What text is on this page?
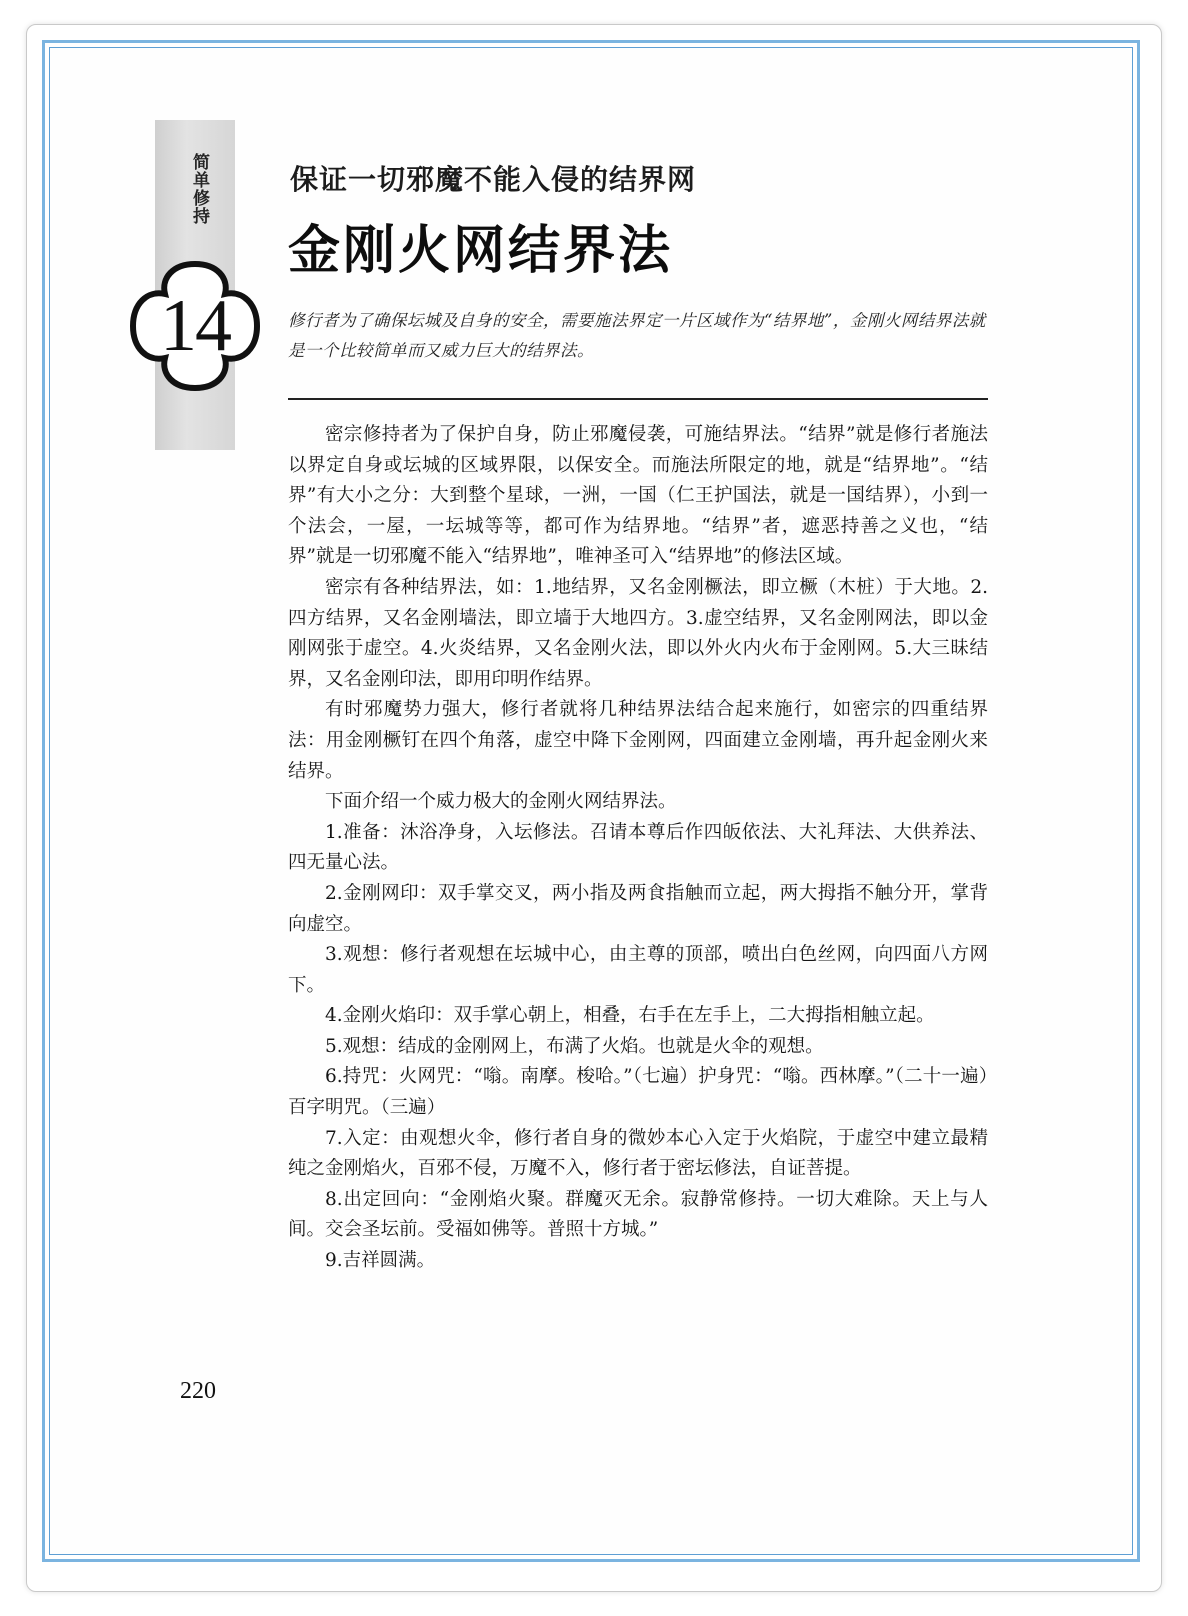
简单修持
14
保证一切邪魔不能入侵的结界网
金刚火网结界法
修行者为了确保坛城及自身的安全，需要施法界定一片区域作为“结界地”，金刚火网结界法就是一个比较简单而又威力巨大的结界法。

密宗修持者为了保护自身，防止邪魔侵袭，可施结界法。“结界”就是修行者施法以界定自身或坛城的区域界限，以保安全。而施法所限定的地，就是“结界地”。“结界”有大小之分：大到整个星球，一洲，一国（仁王护国法，就是一国结界），小到一个法会，一屋，一坛城等等，都可作为结界地。“结界”者，遮恶持善之义也，“结界”就是一切邪魔不能入“结界地”，唯神圣可入“结界地”的修法区域。

密宗有各种结界法，如：1.地结界，又名金刚橛法，即立橛（木桩）于大地。2.四方结界，又名金刚墙法，即立墙于大地四方。3.虚空结界，又名金刚网法，即以金刚网张于虚空。4.火炎结界，又名金刚火法，即以外火内火布于金刚网。5.大三昧结界，又名金刚印法，即用印明作结界。

有时邪魔势力强大，修行者就将几种结界法结合起来施行，如密宗的四重结界法：用金刚橛钉在四个角落，虚空中降下金刚网，四面建立金刚墙，再升起金刚火来结界。

下面介绍一个威力极大的金刚火网结界法。

1.准备：沐浴净身，入坛修法。召请本尊后作四皈依法、大礼拜法、大供养法、四无量心法。

2.金刚网印：双手掌交叉，两小指及两食指触而立起，两大拇指不触分开，掌背向虚空。

3.观想：修行者观想在坛城中心，由主尊的顶部，喷出白色丝网，向四面八方网下。

4.金刚火焰印：双手掌心朝上，相叠，右手在左手上，二大拇指相触立起。

5.观想：结成的金刚网上，布满了火焰。也就是火伞的观想。

6.持咒：火网咒：“嗡。南摩。梭哈。”（七遍）护身咒：“嗡。西林摩。”（二十一遍）百字明咒。（三遍）

7.入定：由观想火伞，修行者自身的微妙本心入定于火焰院，于虚空中建立最精纯之金刚焰火，百邪不侵，万魔不入，修行者于密坛修法，自证菩提。

8.出定回向：“金刚焰火聚。群魔灭无余。寂静常修持。一切大难除。天上与人间。交会圣坛前。受福如佛等。普照十方城。”

9.吉祥圆满。

220
